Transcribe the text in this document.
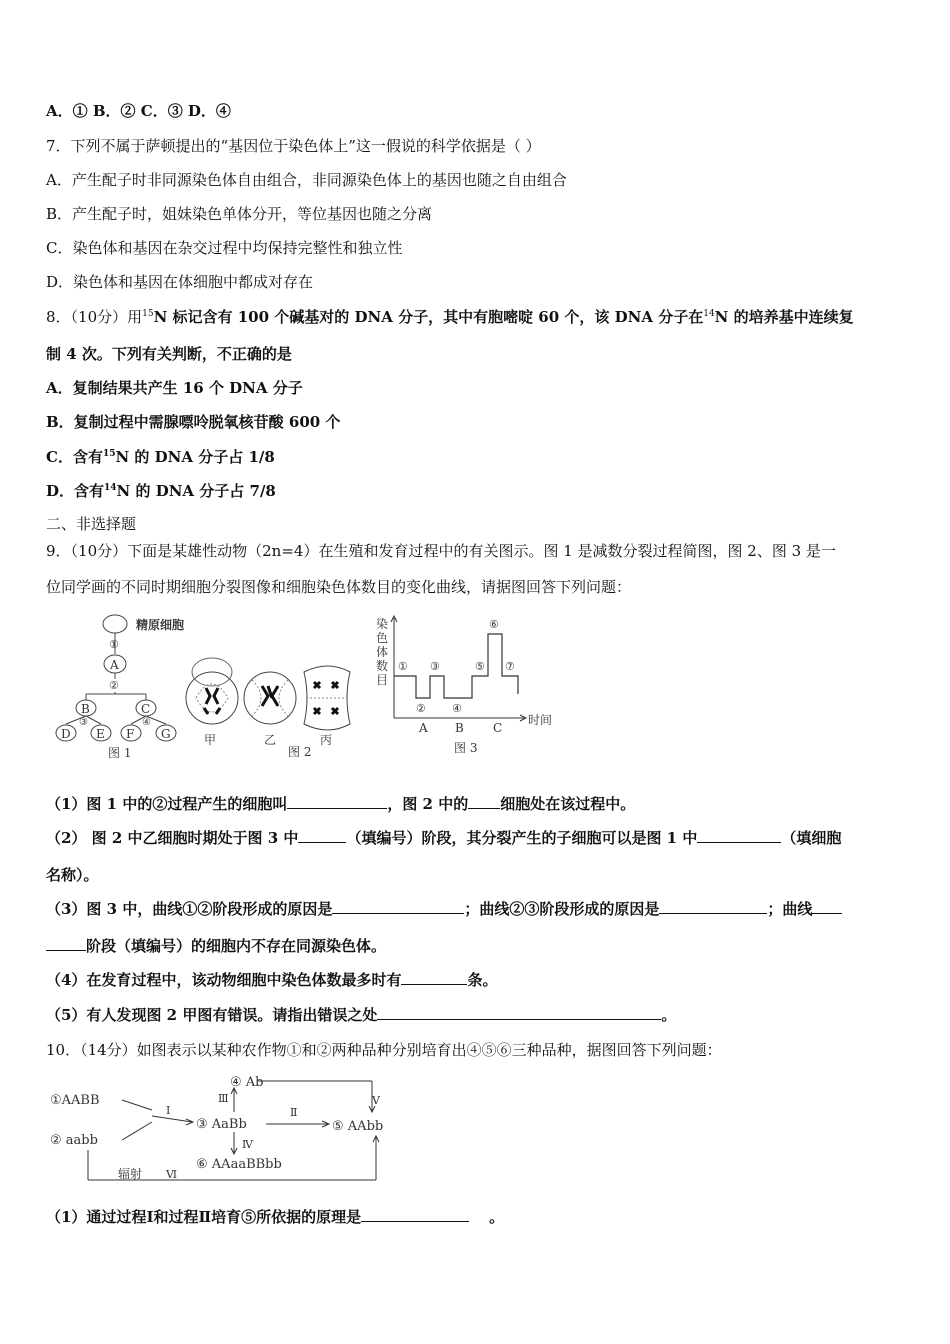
A．① B．② C．③ D．④
7．下列不属于萨顿提出的“基因位于染色体上”这一假说的科学依据是（ ）
A．产生配子时非同源染色体自由组合，非同源染色体上的基因也随之自由组合
B．产生配子时，姐妹染色单体分开，等位基因也随之分离
C．染色体和基因在杂交过程中均保持完整性和独立性
D．染色体和基因在体细胞中都成对存在
8．（10分）用$^{15}$N 标记含有 100 个碱基对的 DNA 分子，其中有胞嘧啶 60 个，该 DNA 分子在$^{14}$N 的培养基中连续复
制 4 次。下列有关判断，不正确的是
A．复制结果共产生 16 个 DNA 分子
B．复制过程中需腺嘌呤脱氧核苷酸 600 个
C．含有$^{15}$N 的 DNA 分子占 1/8
D．含有$^{14}$N 的 DNA 分子占 7/8
二、非选择题
9．（10分）下面是某雄性动物（2n=4）在生殖和发育过程中的有关图示。图 1 是减数分裂过程简图，图 2、图 3 是一
位同学画的不同时期细胞分裂图像和细胞染色体数目的变化曲线，请据图回答下列问题：
精原细胞
①
A
②
B	C
③	④
D E F G
图 1
甲	乙	丙
图 2
染
色
体
数
目
时间
①
②
③
④
⑤
⑥
⑦
A B C
图 3
（1）图 1 中的②过程产生的细胞叫	，图 2 中的 细胞处在该过程中。
（2） 图 2 中乙细胞时期处于图 3 中	（填编号）阶段，其分裂产生的子细胞可以是图 1 中	（填细胞
名称）。
（3）图 3 中，曲线①②阶段形成的原因是	；曲线②③阶段形成的原因是	；曲线
阶段（填编号）的细胞内不存在同源染色体。
（4）在发育过程中，该动物细胞中染色体数最多时有	条。
（5）有人发现图 2 甲图有错误。请指出错误之处	。
10．（14分）如图表示以某种农作物①和②两种品种分别培育出④⑤⑥三种品种，据图回答下列问题：
①AABB
② aabb
Ⅰ
③ AaBb
Ⅱ
⑤ AAbb
Ⅲ
④ Ab
Ⅴ
Ⅳ
⑥ AAaaBBbb
辐射 Ⅵ
（1）通过过程Ⅰ和过程Ⅱ培育⑤所依据的原理是	。
